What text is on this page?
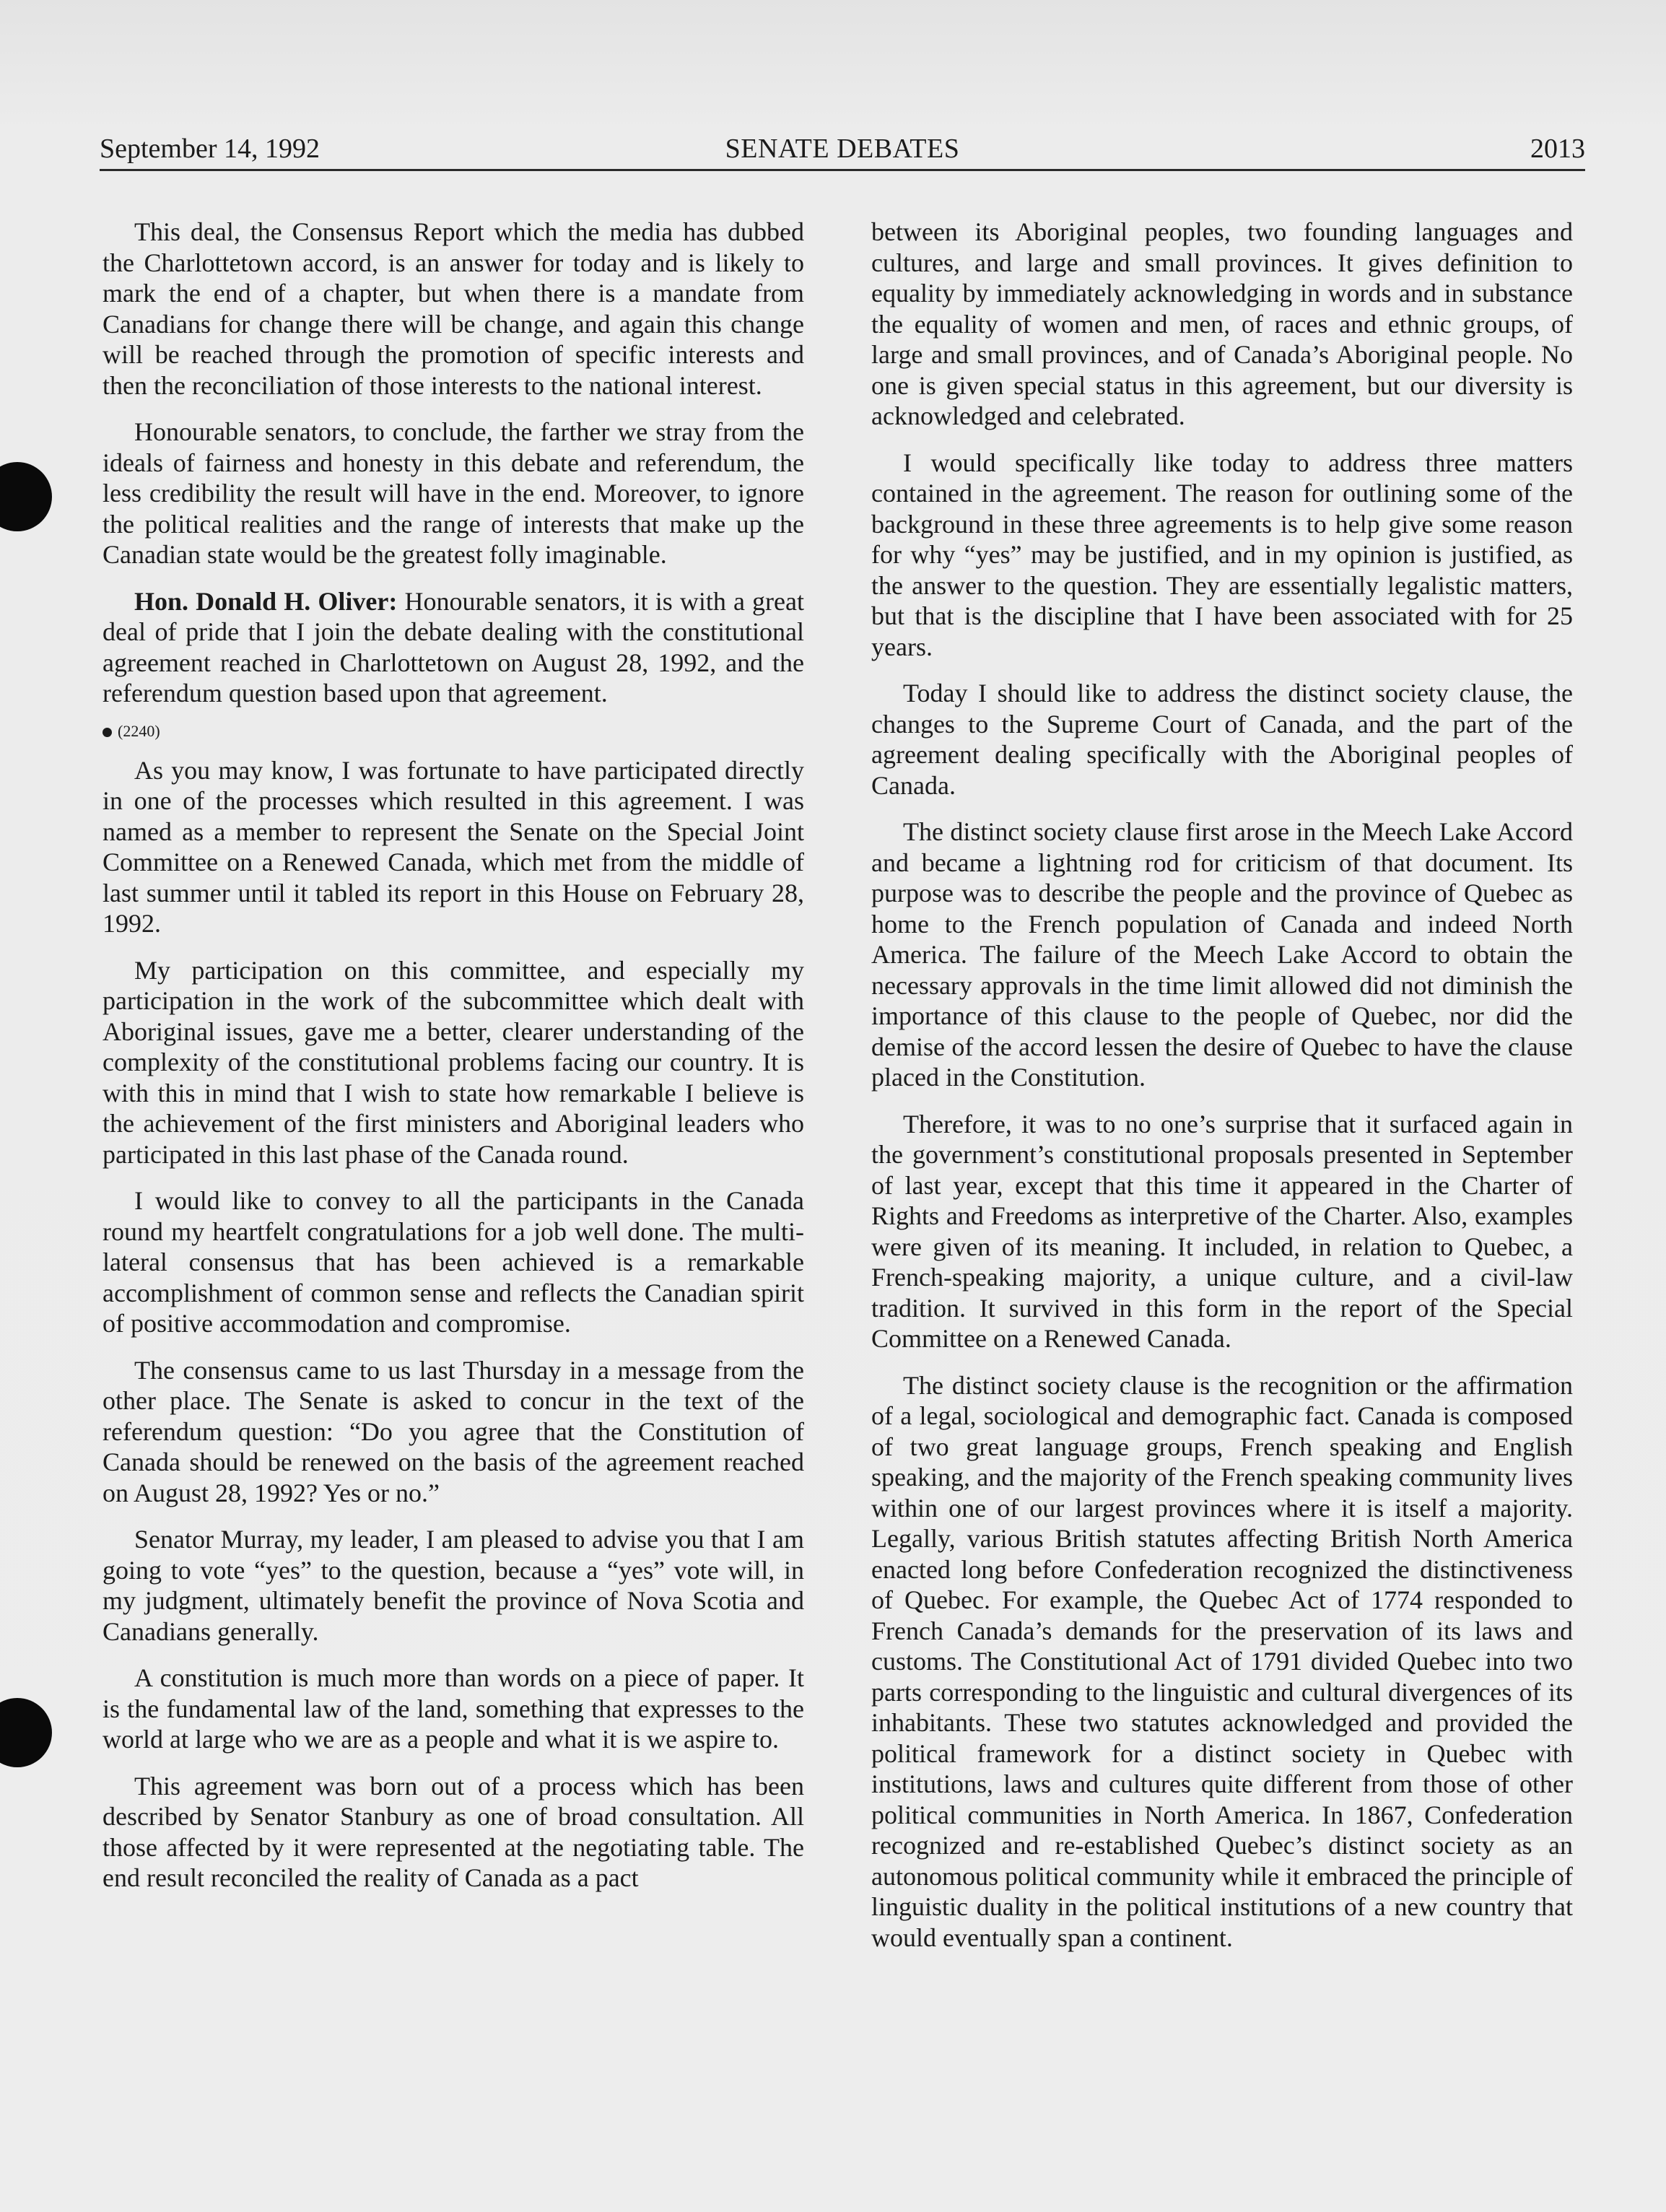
September 14, 1992	SENATE DEBATES	2013

This deal, the Consensus Report which the media has dubbed the Charlottetown accord, is an answer for today and is likely to mark the end of a chapter, but when there is a mandate from Canadians for change there will be change, and again this change will be reached through the promotion of specific interests and then the reconciliation of those interests to the national interest.

Honourable senators, to conclude, the farther we stray from the ideals of fairness and honesty in this debate and referendum, the less credibility the result will have in the end. Moreover, to ignore the political realities and the range of interests that make up the Canadian state would be the greatest folly imaginable.

Hon. Donald H. Oliver: Honourable senators, it is with a great deal of pride that I join the debate dealing with the constitutional agreement reached in Charlottetown on August 28, 1992, and the referendum question based upon that agreement.

(2240)

As you may know, I was fortunate to have participated directly in one of the processes which resulted in this agreement. I was named as a member to represent the Senate on the Special Joint Committee on a Renewed Canada, which met from the middle of last summer until it tabled its report in this House on February 28, 1992.

My participation on this committee, and especially my participation in the work of the subcommittee which dealt with Aboriginal issues, gave me a better, clearer understanding of the complexity of the constitutional problems facing our country. It is with this in mind that I wish to state how remarkable I believe is the achievement of the first ministers and Aboriginal leaders who participated in this last phase of the Canada round.

I would like to convey to all the participants in the Canada round my heartfelt congratulations for a job well done. The multi-lateral consensus that has been achieved is a remarkable accomplishment of common sense and reflects the Canadian spirit of positive accommodation and compromise.

The consensus came to us last Thursday in a message from the other place. The Senate is asked to concur in the text of the referendum question: “Do you agree that the Constitution of Canada should be renewed on the basis of the agreement reached on August 28, 1992? Yes or no.”

Senator Murray, my leader, I am pleased to advise you that I am going to vote “yes” to the question, because a “yes” vote will, in my judgment, ultimately benefit the province of Nova Scotia and Canadians generally.

A constitution is much more than words on a piece of paper. It is the fundamental law of the land, something that expresses to the world at large who we are as a people and what it is we aspire to.

This agreement was born out of a process which has been described by Senator Stanbury as one of broad consultation. All those affected by it were represented at the negotiating table. The end result reconciled the reality of Canada as a pact

between its Aboriginal peoples, two founding languages and cultures, and large and small provinces. It gives definition to equality by immediately acknowledging in words and in substance the equality of women and men, of races and ethnic groups, of large and small provinces, and of Canada’s Aboriginal people. No one is given special status in this agreement, but our diversity is acknowledged and celebrated.

I would specifically like today to address three matters contained in the agreement. The reason for outlining some of the background in these three agreements is to help give some reason for why “yes” may be justified, and in my opinion is justified, as the answer to the question. They are essentially legalistic matters, but that is the discipline that I have been associated with for 25 years.

Today I should like to address the distinct society clause, the changes to the Supreme Court of Canada, and the part of the agreement dealing specifically with the Aboriginal peoples of Canada.

The distinct society clause first arose in the Meech Lake Accord and became a lightning rod for criticism of that document. Its purpose was to describe the people and the province of Quebec as home to the French population of Canada and indeed North America. The failure of the Meech Lake Accord to obtain the necessary approvals in the time limit allowed did not diminish the importance of this clause to the people of Quebec, nor did the demise of the accord lessen the desire of Quebec to have the clause placed in the Constitution.

Therefore, it was to no one’s surprise that it surfaced again in the government’s constitutional proposals presented in September of last year, except that this time it appeared in the Charter of Rights and Freedoms as interpretive of the Charter. Also, examples were given of its meaning. It included, in relation to Quebec, a French-speaking majority, a unique culture, and a civil-law tradition. It survived in this form in the report of the Special Committee on a Renewed Canada.

The distinct society clause is the recognition or the affirmation of a legal, sociological and demographic fact. Canada is composed of two great language groups, French speaking and English speaking, and the majority of the French speaking community lives within one of our largest provinces where it is itself a majority. Legally, various British statutes affecting British North America enacted long before Confederation recognized the distinctiveness of Quebec. For example, the Quebec Act of 1774 responded to French Canada’s demands for the preservation of its laws and customs. The Constitutional Act of 1791 divided Quebec into two parts corresponding to the linguistic and cultural divergences of its inhabitants. These two statutes acknowledged and provided the political framework for a distinct society in Quebec with institutions, laws and cultures quite different from those of other political communities in North America. In 1867, Confederation recognized and re-established Quebec’s distinct society as an autonomous political community while it embraced the principle of linguistic duality in the political institutions of a new country that would eventually span a continent.
